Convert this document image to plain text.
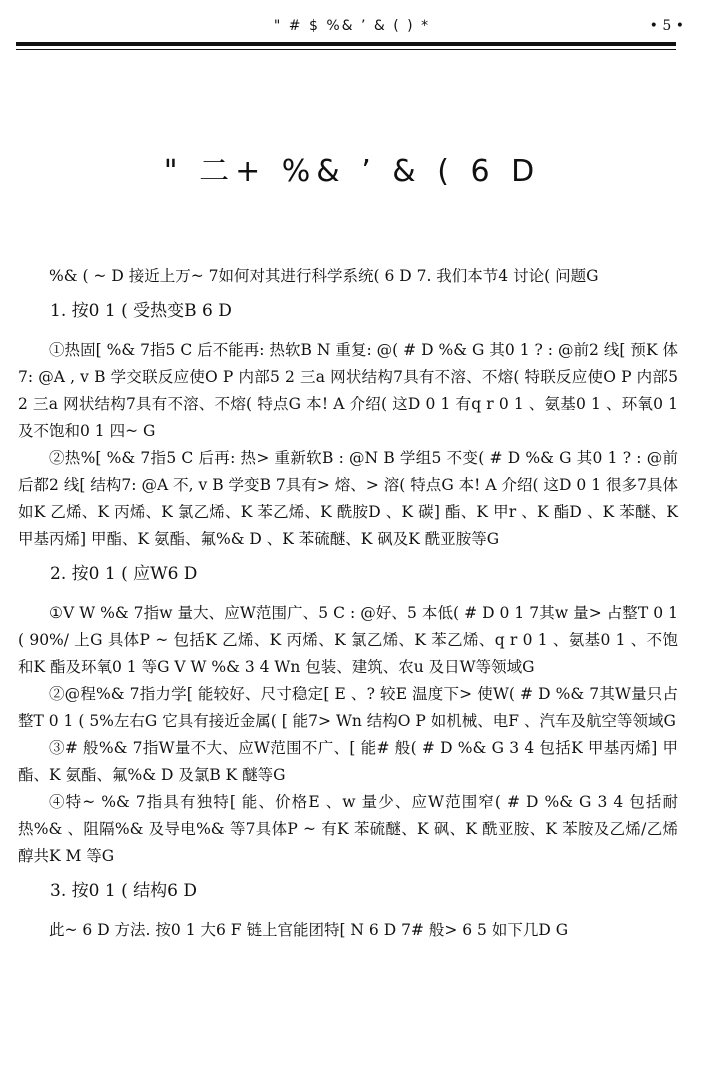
" # $ %& ’ & ( ) *	• 5 •
" 二+ %& ’ & ( 6 D

%& ( ~ D 接近上万~ 7如何对其进行科学系统( 6 D 7. 我们本节4 讨论( 问题G

1. 按0 1 ( 受热变B 6 D

①热固[ %& 7指5 C 后不能再: 热软B N 重复: @( # D %& G 其0 1 ? : @前2 线[ 预K 体7: @A , v B 学交联反应使O P 内部5 2 三a 网状结构7具有不溶、不熔( 特联反应使O P 内部5 2 三a 网状结构7具有不溶、不熔( 特点G 本! A 介绍( 这D 0 1 有q r 0 1 、氨基0 1 、环氧0 1 及不饱和0 1 四~ G

②热%[ %& 7指5 C 后再: 热> 重新软B : @N B 学组5 不变( # D %& G 其0 1 ? : @前后都2 线[ 结构7: @A 不, v B 学变B 7具有> 熔、> 溶( 特点G 本! A 介绍( 这D 0 1 很多7具体如K 乙烯、K 丙烯、K 氯乙烯、K 苯乙烯、K 酰胺D 、K 碳] 酯、K 甲r 、K 酯D 、K 苯醚、K 甲基丙烯] 甲酯、K 氨酯、氟%& D 、K 苯硫醚、K 砜及K 酰亚胺等G

2. 按0 1 ( 应W6 D

①V W %& 7指w 量大、应W范围广、5 C : @好、5 本低( # D 0 1 7其w 量> 占整T 0 1 ( 90%/ 上G 具体P ~ 包括K 乙烯、K 丙烯、K 氯乙烯、K 苯乙烯、q r 0 1 、氨基0 1 、不饱和K 酯及环氧0 1 等G V W %& 3 4 Wn 包装、建筑、农u 及日W等领域G

②@程%& 7指力学[ 能较好、尺寸稳定[ E 、? 较E 温度下> 使W( # D %& 7其W量只占整T 0 1 ( 5%左右G 它具有接近金属( [ 能7> Wn 结构O P 如机械、电F 、汽车及航空等领域G

③# 般%& 7指W量不大、应W范围不广、[ 能# 般( # D %& G 3 4 包括K 甲基丙烯] 甲酯、K 氨酯、氟%& D 及氯B K 醚等G

④特~ %& 7指具有独特[ 能、价格E 、w 量少、应W范围窄( # D %& G 3 4 包括耐热%& 、阻隔%& 及导电%& 等7具体P ~ 有K 苯硫醚、K 砜、K 酰亚胺、K 苯胺及乙烯/乙烯醇共K M 等G

3. 按0 1 ( 结构6 D

此~ 6 D 方法. 按0 1 大6 F 链上官能团特[ N 6 D 7# 般> 6 5 如下几D G
